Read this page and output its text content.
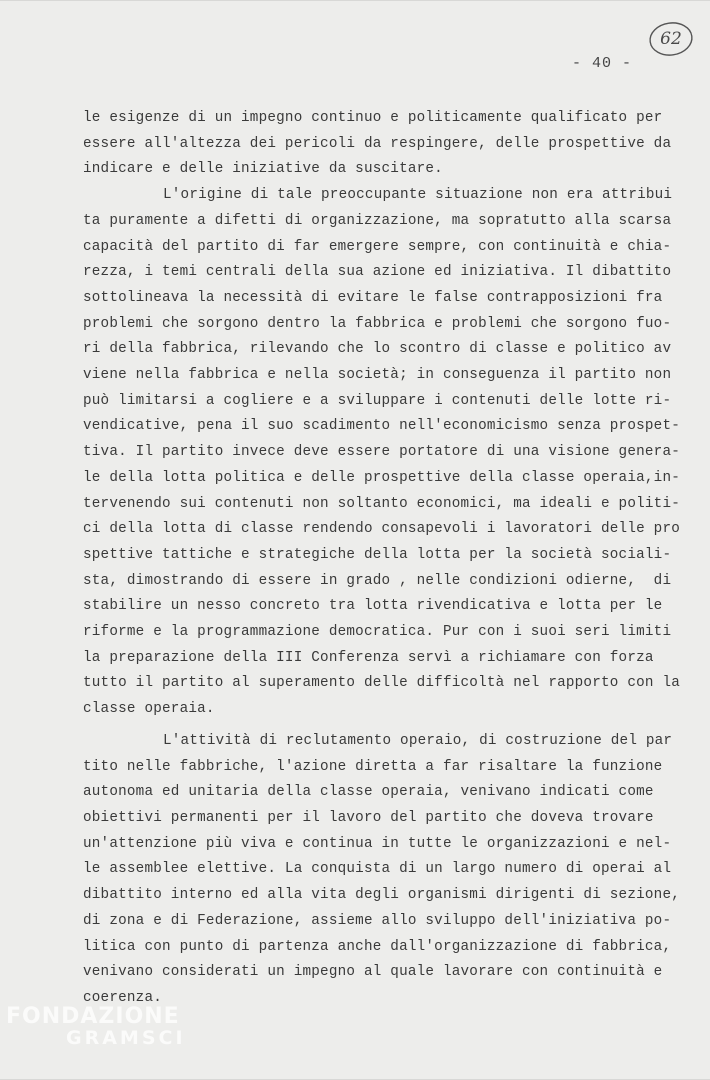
62
- 40 -
le esigenze di un impegno continuo e politicamente qualificato per
essere all'altezza dei pericoli da respingere, delle prospettive da
indicare e delle iniziative da suscitare.
L'origine di tale preoccupante situazione non era attribui
ta puramente a difetti di organizzazione, ma sopratutto alla scarsa
capacità del partito di far emergere sempre, con continuità e chia-
rezza, i temi centrali della sua azione ed iniziativa. Il dibattito
sottolineava la necessità di evitare le false contrapposizioni fra
problemi che sorgono dentro la fabbrica e problemi che sorgono fuo-
ri della fabbrica, rilevando che lo scontro di classe e politico av
viene nella fabbrica e nella società; in conseguenza il partito non
può limitarsi a cogliere e a sviluppare i contenuti delle lotte ri-
vendicative, pena il suo scadimento nell'economicismo senza prospet-
tiva. Il partito invece deve essere portatore di una visione genera-
le della lotta politica e delle prospettive della classe operaia,in-
tervenendo sui contenuti non soltanto economici, ma ideali e politi-
ci della lotta di classe rendendo consapevoli i lavoratori delle pro
spettive tattiche e strategiche della lotta per la società sociali-
sta, dimostrando di essere in grado , nelle condizioni odierne,  di
stabilire un nesso concreto tra lotta rivendicativa e lotta per le
riforme e la programmazione democratica. Pur con i suoi seri limiti
la preparazione della III Conferenza servì a richiamare con forza
tutto il partito al superamento delle difficoltà nel rapporto con la
classe operaia.
L'attività di reclutamento operaio, di costruzione del par
tito nelle fabbriche, l'azione diretta a far risaltare la funzione
autonoma ed unitaria della classe operaia, venivano indicati come
obiettivi permanenti per il lavoro del partito che doveva trovare
un'attenzione più viva e continua in tutte le organizzazioni e nel-
le assemblee elettive. La conquista di un largo numero di operai al
dibattito interno ed alla vita degli organismi dirigenti di sezione,
di zona e di Federazione, assieme allo sviluppo dell'iniziativa po-
litica con punto di partenza anche dall'organizzazione di fabbrica,
venivano considerati un impegno al quale lavorare con continuità e
coerenza.
FONDAZIONE
GRAMSCI
